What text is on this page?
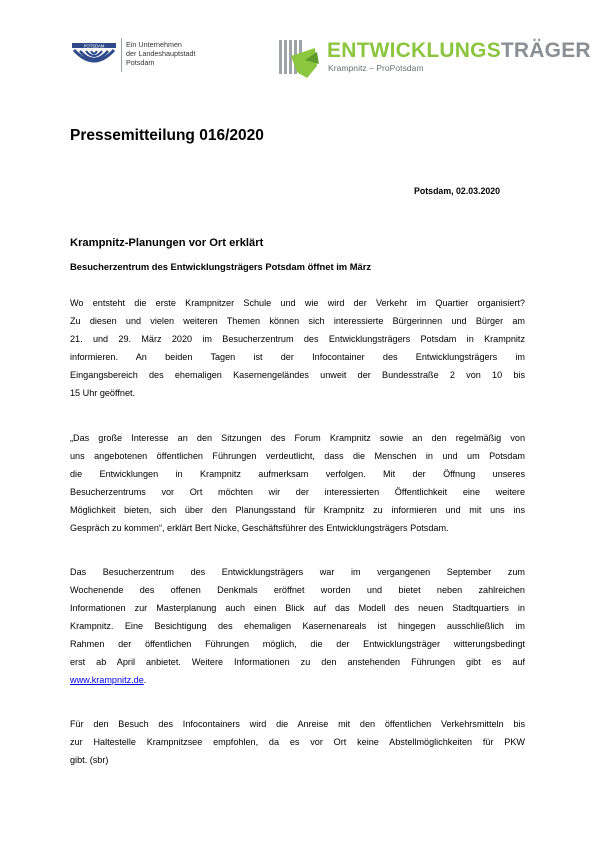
POTSDAM	Ein Unternehmen
der Landeshauptstadt
Potsdam
ENTWICKLUNGSTRÄGER
Krampnitz – ProPotsdam
Pressemitteilung 016/2020
Potsdam, 02.03.2020
Krampnitz-Planungen vor Ort erklärt
Besucherzentrum des Entwicklungsträgers Potsdam öffnet im März
Wo entsteht die erste Krampnitzer Schule und wie wird der Verkehr im Quartier organisiert?
Zu diesen und vielen weiteren Themen können sich interessierte Bürgerinnen und Bürger am
21. und 29. März 2020 im Besucherzentrum des Entwicklungsträgers Potsdam in Krampnitz
informieren. An beiden Tagen ist der Infocontainer des Entwicklungsträgers im
Eingangsbereich des ehemaligen Kasernengeländes unweit der Bundesstraße 2 von 10 bis
15 Uhr geöffnet.
„Das große Interesse an den Sitzungen des Forum Krampnitz sowie an den regelmäßig von
uns angebotenen öffentlichen Führungen verdeutlicht, dass die Menschen in und um Potsdam
die Entwicklungen in Krampnitz aufmerksam verfolgen. Mit der Öffnung unseres
Besucherzentrums vor Ort möchten wir der interessierten Öffentlichkeit eine weitere
Möglichkeit bieten, sich über den Planungsstand für Krampnitz zu informieren und mit uns ins
Gespräch zu kommen“, erklärt Bert Nicke, Geschäftsführer des Entwicklungsträgers Potsdam.
Das Besucherzentrum des Entwicklungsträgers war im vergangenen September zum
Wochenende des offenen Denkmals eröffnet worden und bietet neben zahlreichen
Informationen zur Masterplanung auch einen Blick auf das Modell des neuen Stadtquartiers in
Krampnitz. Eine Besichtigung des ehemaligen Kasernenareals ist hingegen ausschließlich im
Rahmen der öffentlichen Führungen möglich, die der Entwicklungsträger witterungsbedingt
erst ab April anbietet. Weitere Informationen zu den anstehenden Führungen gibt es auf
www.krampnitz.de.
Für den Besuch des Infocontainers wird die Anreise mit den öffentlichen Verkehrsmitteln bis
zur Haltestelle Krampnitzsee empfohlen, da es vor Ort keine Abstellmöglichkeiten für PKW
gibt. (sbr)
